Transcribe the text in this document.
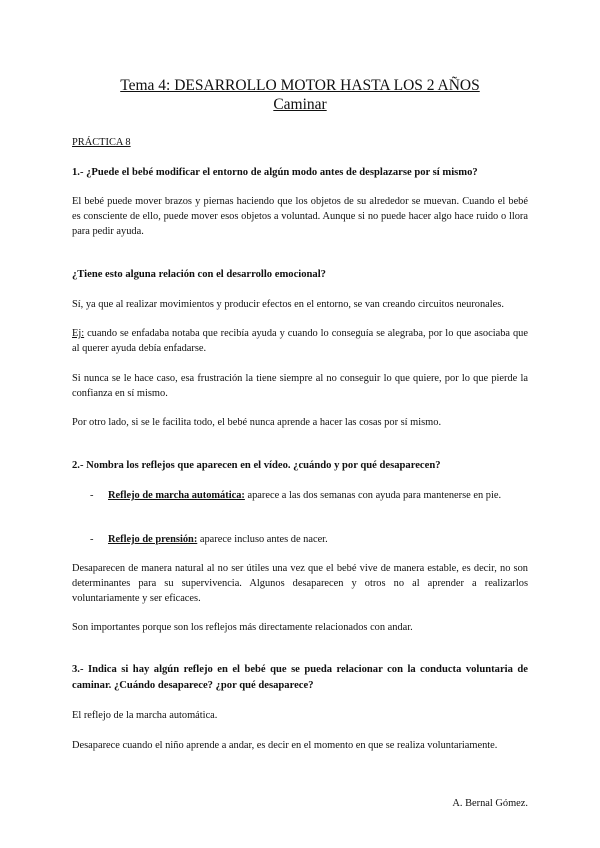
Tema 4: DESARROLLO MOTOR HASTA LOS 2 AÑOS
Caminar
PRÁCTICA 8
1.- ¿Puede el bebé modificar el entorno de algún modo antes de desplazarse por sí mismo?
El bebé puede mover brazos y piernas haciendo que los objetos de su alrededor se muevan. Cuando el bebé es consciente de ello, puede mover esos objetos a voluntad. Aunque si no puede hacer algo hace ruido o llora para pedir ayuda.
¿Tiene esto alguna relación con el desarrollo emocional?
Sí, ya que al realizar movimientos y producir efectos en el entorno, se van creando circuitos neuronales.
Ej: cuando se enfadaba notaba que recibía ayuda y cuando lo conseguía se alegraba, por lo que asociaba que al querer ayuda debía enfadarse.
Si nunca se le hace caso, esa frustración la tiene siempre al no conseguir lo que quiere, por lo que pierde la confianza en sí mismo.
Por otro lado, si se le facilita todo, el bebé nunca aprende a hacer las cosas por sí mismo.
2.- Nombra los reflejos que aparecen en el vídeo. ¿cuándo y por qué desaparecen?
- Reflejo de marcha automática: aparece a las dos semanas con ayuda para mantenerse en pie.
- Reflejo de prensión: aparece incluso antes de nacer.
Desaparecen de manera natural al no ser útiles una vez que el bebé vive de manera estable, es decir, no son determinantes para su supervivencia. Algunos desaparecen y otros no al aprender a realizarlos voluntariamente y ser eficaces.
Son importantes porque son los reflejos más directamente relacionados con andar.
3.- Indica si hay algún reflejo en el bebé que se pueda relacionar con la conducta voluntaria de caminar. ¿Cuándo desaparece? ¿por qué desaparece?
El reflejo de la marcha automática.
Desaparece cuando el niño aprende a andar, es decir en el momento en que se realiza voluntariamente.
A. Bernal Gómez.
